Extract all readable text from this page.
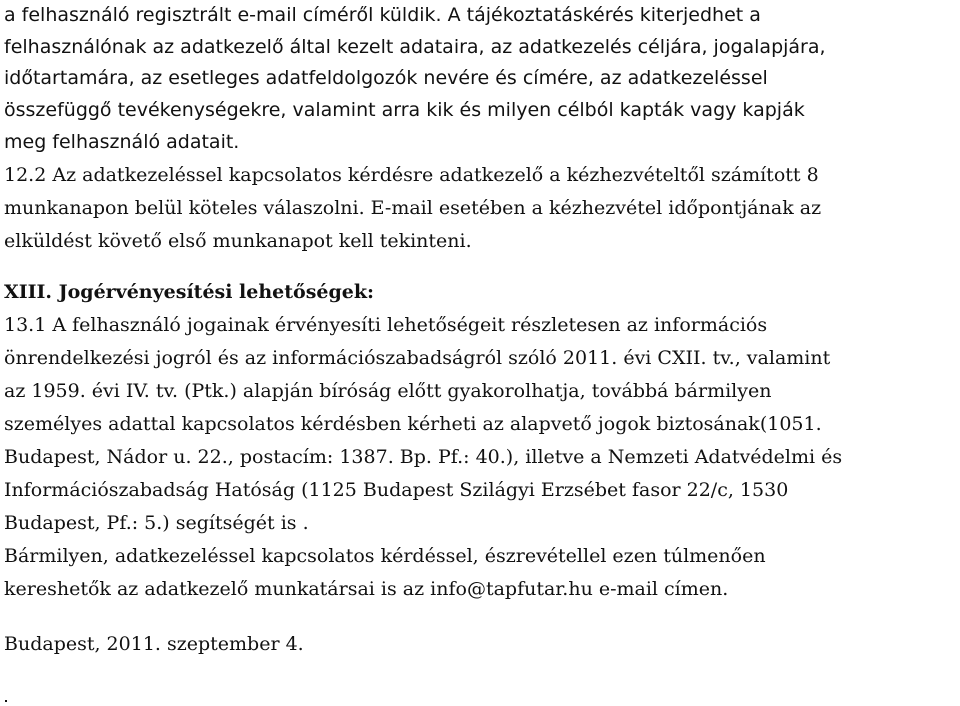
a felhasználó regisztrált e-mail címéről küldik. A tájékoztatáskérés kiterjedhet a
felhasználónak az adatkezelő által kezelt adataira, az adatkezelés céljára, jogalapjára,
időtartamára, az esetleges adatfeldolgozók nevére és címére, az adatkezeléssel
összefüggő tevékenységekre, valamint arra kik és milyen célból kapták vagy kapják
meg felhasználó adatait.
12.2 Az adatkezeléssel kapcsolatos kérdésre adatkezelő a kézhezvételtől számított 8
munkanapon belül köteles válaszolni. E-mail esetében a kézhezvétel időpontjának az
elküldést követő első munkanapot kell tekinteni.
XIII. Jogérvényesítési lehetőségek:
13.1 A felhasználó jogainak érvényesíti lehetőségeit részletesen az információs
önrendelkezési jogról és az információszabadságról szóló 2011. évi CXII. tv., valamint
az 1959. évi IV. tv. (Ptk.) alapján bíróság előtt gyakorolhatja, továbbá bármilyen
személyes adattal kapcsolatos kérdésben kérheti az alapvető jogok biztosának(1051.
Budapest, Nádor u. 22., postacím: 1387. Bp. Pf.: 40.), illetve a Nemzeti Adatvédelmi és
Információszabadság Hatóság (1125 Budapest Szilágyi Erzsébet fasor 22/c, 1530
Budapest, Pf.: 5.) segítségét is .
Bármilyen, adatkezeléssel kapcsolatos kérdéssel, észrevétellel ezen túlmenően
kereshetők az adatkezelő munkatársai is az info@tapfutar.hu e-mail címen.
Budapest, 2011. szeptember 4.
